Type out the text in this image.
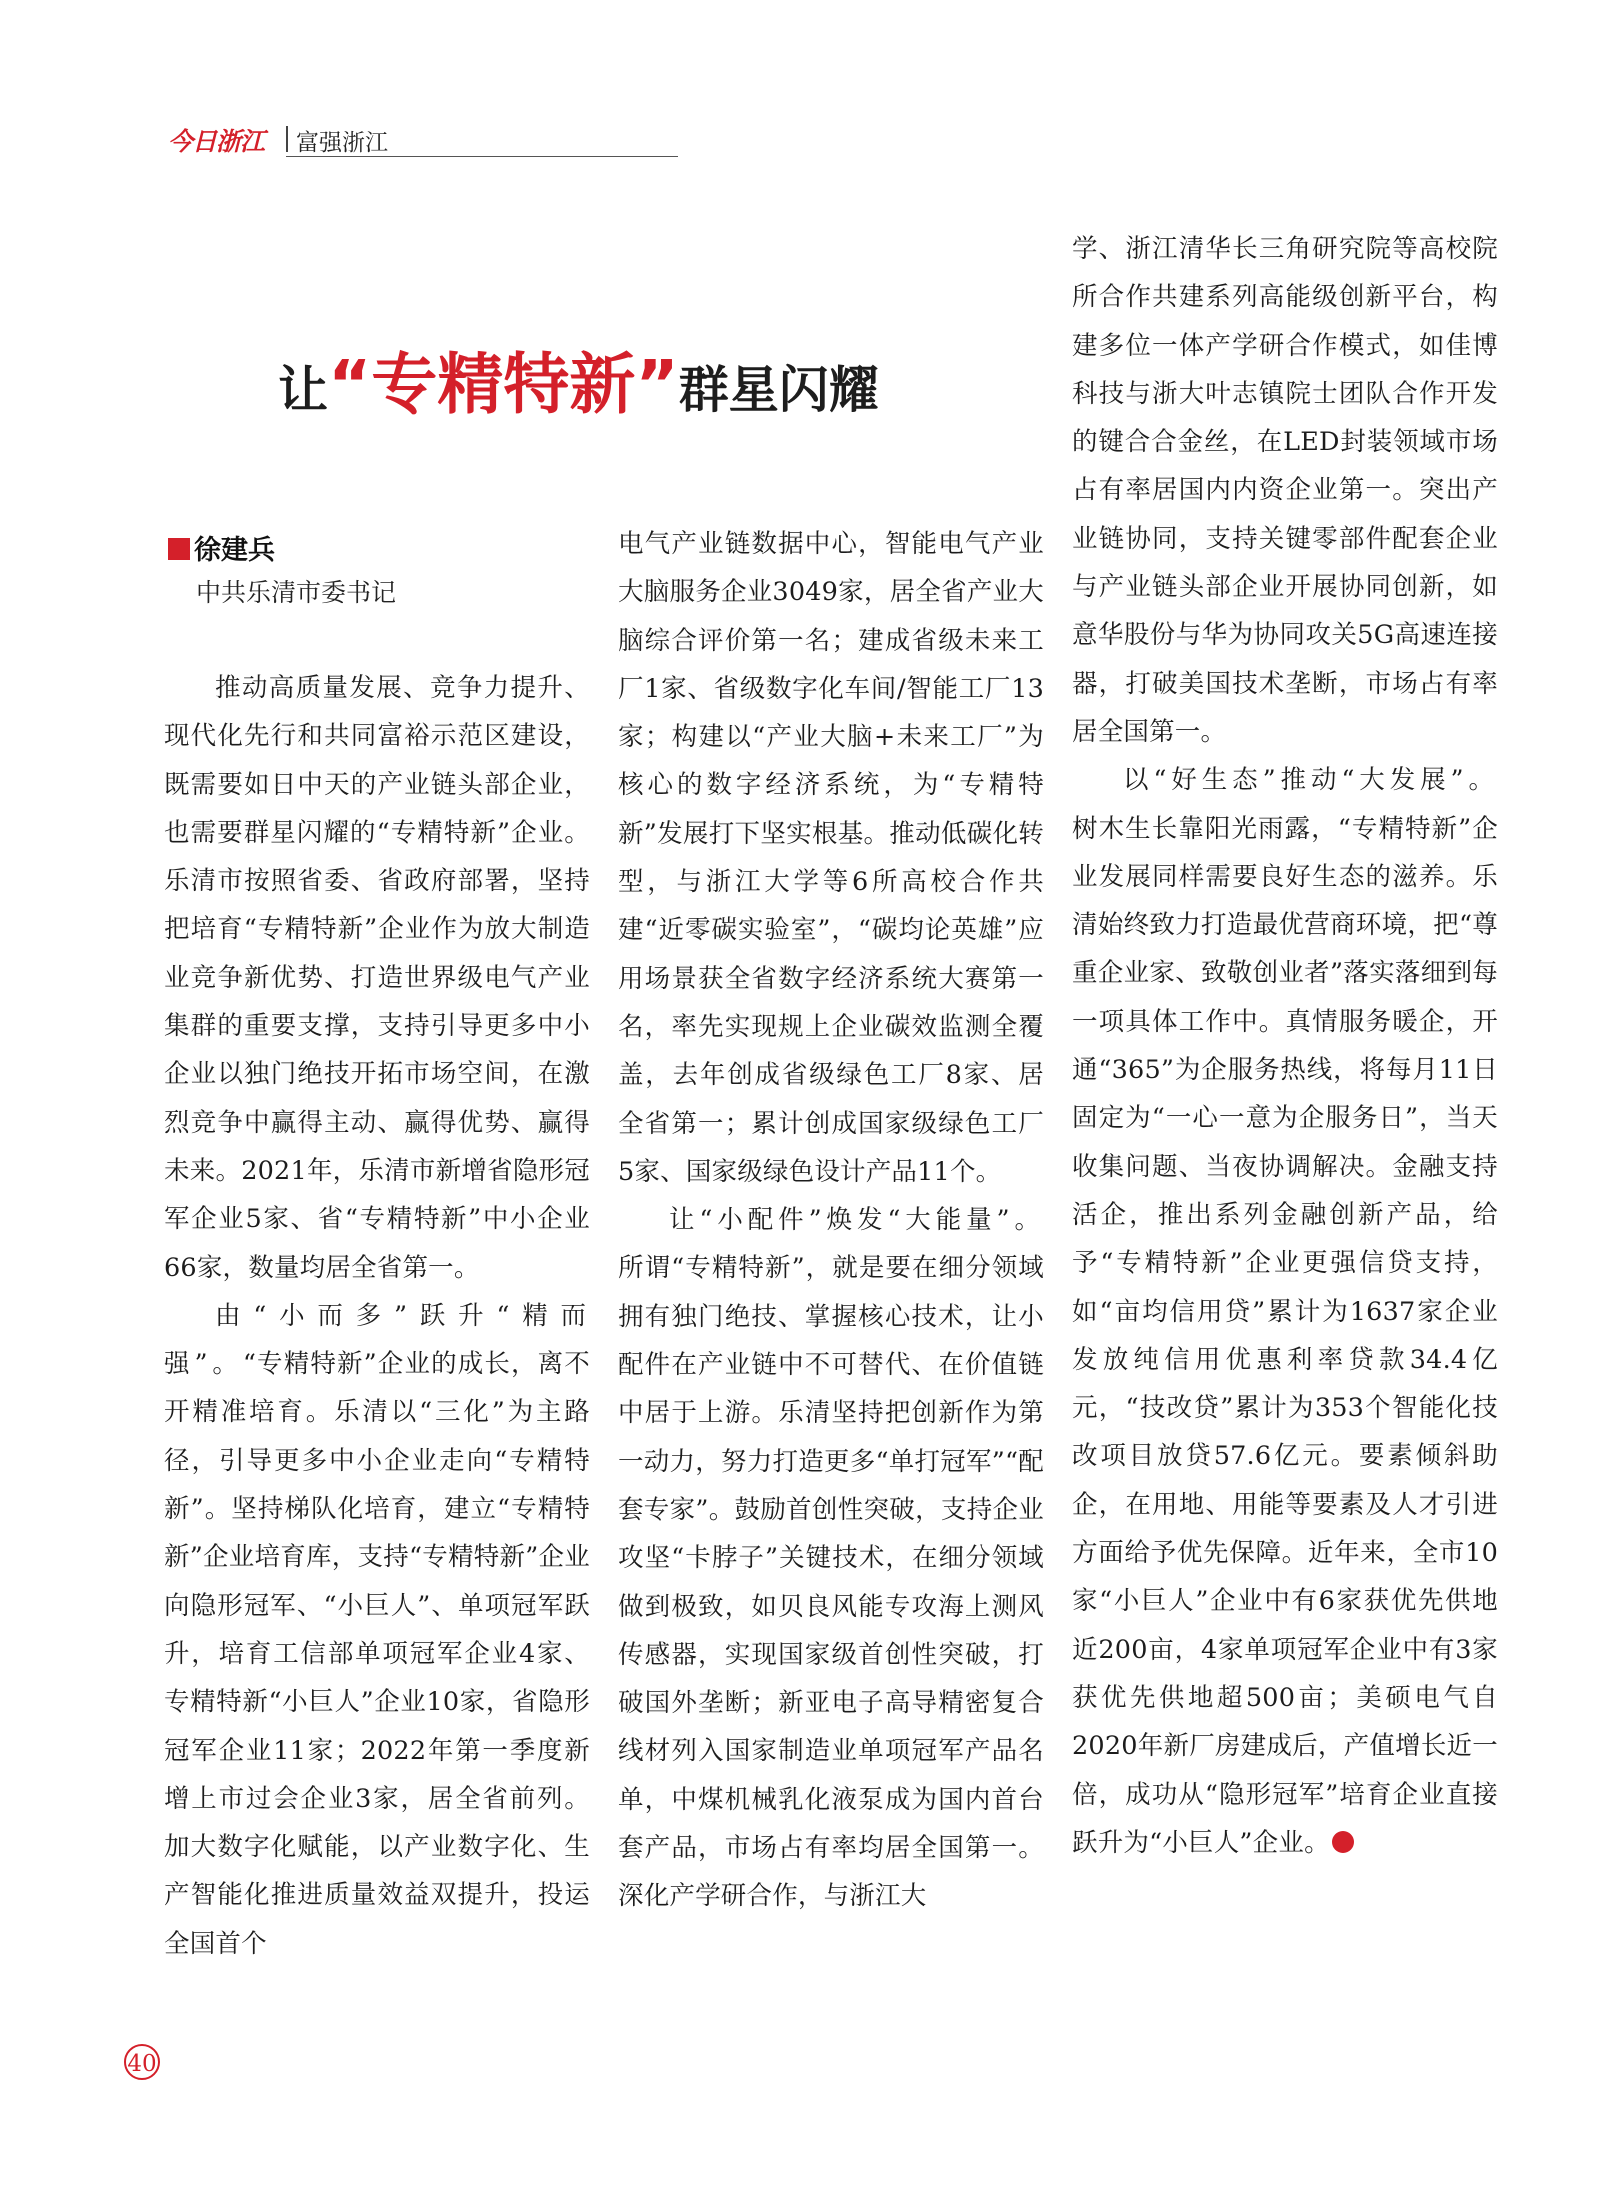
今日浙江 富强浙江
让“专精特新”群星闪耀
徐建兵
中共乐清市委书记

推动高质量发展、竞争力提升、现代化先行和共同富裕示范区建设，既需要如日中天的产业链头部企业，也需要群星闪耀的“专精特新”企业。乐清市按照省委、省政府部署，坚持把培育“专精特新”企业作为放大制造业竞争新优势、打造世界级电气产业集群的重要支撑，支持引导更多中小企业以独门绝技开拓市场空间，在激烈竞争中赢得主动、赢得优势、赢得未来。2021年，乐清市新增省隐形冠军企业5家、省“专精特新”中小企业66家，数量均居全省第一。

由“小而多”跃升“精而强”。“专精特新”企业的成长，离不开精准培育。乐清以“三化”为主路径，引导更多中小企业走向“专精特新”。坚持梯队化培育，建立“专精特新”企业培育库，支持“专精特新”企业向隐形冠军、“小巨人”、单项冠军跃升，培育工信部单项冠军企业4家、专精特新“小巨人”企业10家，省隐形冠军企业11家；2022年第一季度新增上市过会企业3家，居全省前列。加大数字化赋能，以产业数字化、生产智能化推进质量效益双提升，投运全国首个

电气产业链数据中心，智能电气产业大脑服务企业3049家，居全省产业大脑综合评价第一名；建成省级未来工厂1家、省级数字化车间/智能工厂13家；构建以“产业大脑+未来工厂”为核心的数字经济系统，为“专精特新”发展打下坚实根基。推动低碳化转型，与浙江大学等6所高校合作共建“近零碳实验室”，“碳均论英雄”应用场景获全省数字经济系统大赛第一名，率先实现规上企业碳效监测全覆盖，去年创成省级绿色工厂8家、居全省第一；累计创成国家级绿色工厂5家、国家级绿色设计产品11个。

让“小配件”焕发“大能量”。所谓“专精特新”，就是要在细分领域拥有独门绝技、掌握核心技术，让小配件在产业链中不可替代、在价值链中居于上游。乐清坚持把创新作为第一动力，努力打造更多“单打冠军”“配套专家”。鼓励首创性突破，支持企业攻坚“卡脖子”关键技术，在细分领域做到极致，如贝良风能专攻海上测风传感器，实现国家级首创性突破，打破国外垄断；新亚电子高导精密复合线材列入国家制造业单项冠军产品名单，中煤机械乳化液泵成为国内首台套产品，市场占有率均居全国第一。深化产学研合作，与浙江大

学、浙江清华长三角研究院等高校院所合作共建系列高能级创新平台，构建多位一体产学研合作模式，如佳博科技与浙大叶志镇院士团队合作开发的键合合金丝，在LED封装领域市场占有率居国内内资企业第一。突出产业链协同，支持关键零部件配套企业与产业链头部企业开展协同创新，如意华股份与华为协同攻关5G高速连接器，打破美国技术垄断，市场占有率居全国第一。

以“好生态”推动“大发展”。树木生长靠阳光雨露，“专精特新”企业发展同样需要良好生态的滋养。乐清始终致力打造最优营商环境，把“尊重企业家、致敬创业者”落实落细到每一项具体工作中。真情服务暖企，开通“365”为企服务热线，将每月11日固定为“一心一意为企服务日”，当天收集问题、当夜协调解决。金融支持活企，推出系列金融创新产品，给予“专精特新”企业更强信贷支持，如“亩均信用贷”累计为1637家企业发放纯信用优惠利率贷款34.4亿元，“技改贷”累计为353个智能化技改项目放贷57.6亿元。要素倾斜助企，在用地、用能等要素及人才引进方面给予优先保障。近年来，全市10家“小巨人”企业中有6家获优先供地近200亩，4家单项冠军企业中有3家获优先供地超500亩；美硕电气自2020年新厂房建成后，产值增长近一倍，成功从“隐形冠军”培育企业直接跃升为“小巨人”企业。

40
